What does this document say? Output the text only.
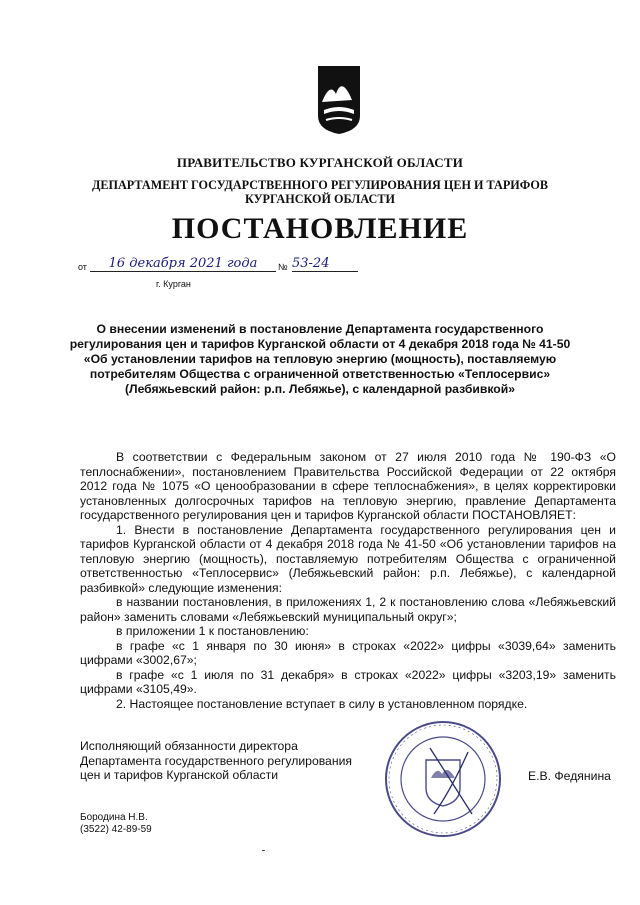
ПРАВИТЕЛЬСТВО КУРГАНСКОЙ ОБЛАСТИ
ДЕПАРТАМЕНТ ГОСУДАРСТВЕННОГО РЕГУЛИРОВАНИЯ ЦЕН И ТАРИФОВ
КУРГАНСКОЙ ОБЛАСТИ
ПОСТАНОВЛЕНИЕ
от	16 декабря 2021 года	№ 53-24
г. Курган
О внесении изменений в постановление Департамента государственного
регулирования цен и тарифов Курганской области от 4 декабря 2018 года № 41-50
«Об установлении тарифов на тепловую энергию (мощность), поставляемую
потребителям Общества с ограниченной ответственностью «Теплосервис»
(Лебяжьевский район: р.п. Лебяжье), с календарной разбивкой»

В соответствии с Федеральным законом от 27 июля 2010 года № 190-ФЗ «О теплоснабжении», постановлением Правительства Российской Федерации от 22 октября 2012 года № 1075 «О ценообразовании в сфере теплоснабжения», в целях корректировки установленных долгосрочных тарифов на тепловую энергию, правление Департамента государственного регулирования цен и тарифов Курганской области ПОСТАНОВЛЯЕТ:

1. Внести в постановление Департамента государственного регулирования цен и тарифов Курганской области от 4 декабря 2018 года № 41-50 «Об установлении тарифов на тепловую энергию (мощность), поставляемую потребителям Общества с ограниченной ответственностью «Теплосервис» (Лебяжьевский район: р.п. Лебяжье), с календарной разбивкой» следующие изменения:

в названии постановления, в приложениях 1, 2 к постановлению слова «Лебяжьевский район» заменить словами «Лебяжьевский муниципальный округ»;

в приложении 1 к постановлению:

в графе «с 1 января по 30 июня» в строках «2022» цифры «3039,64» заменить цифрами «3002,67»;

в графе «с 1 июля по 31 декабря» в строках «2022» цифры «3203,19» заменить цифрами «3105,49».

2. Настоящее постановление вступает в силу в установленном порядке.

Исполняющий обязанности директора
Департамента государственного регулирования
цен и тарифов Курганской области	Е.В. Федянина
Бородина Н.В.
(3522) 42-89-59
